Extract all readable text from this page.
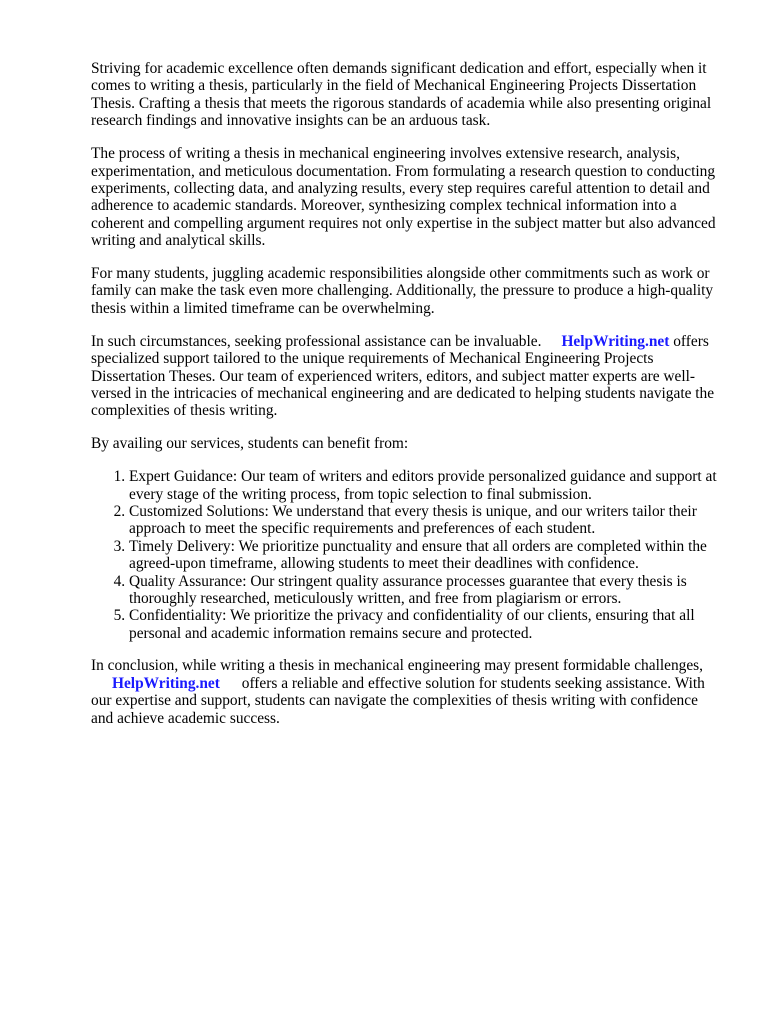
Striving for academic excellence often demands significant dedication and effort, especially when it comes to writing a thesis, particularly in the field of Mechanical Engineering Projects Dissertation Thesis. Crafting a thesis that meets the rigorous standards of academia while also presenting original research findings and innovative insights can be an arduous task.

The process of writing a thesis in mechanical engineering involves extensive research, analysis, experimentation, and meticulous documentation. From formulating a research question to conducting experiments, collecting data, and analyzing results, every step requires careful attention to detail and adherence to academic standards. Moreover, synthesizing complex technical information into a coherent and compelling argument requires not only expertise in the subject matter but also advanced writing and analytical skills.

For many students, juggling academic responsibilities alongside other commitments such as work or family can make the task even more challenging. Additionally, the pressure to produce a high-quality thesis within a limited timeframe can be overwhelming.

In such circumstances, seeking professional assistance can be invaluable. HelpWriting.net offers specialized support tailored to the unique requirements of Mechanical Engineering Projects Dissertation Theses. Our team of experienced writers, editors, and subject matter experts are well-versed in the intricacies of mechanical engineering and are dedicated to helping students navigate the complexities of thesis writing.

By availing our services, students can benefit from:

1. Expert Guidance: Our team of writers and editors provide personalized guidance and support at every stage of the writing process, from topic selection to final submission.
2. Customized Solutions: We understand that every thesis is unique, and our writers tailor their approach to meet the specific requirements and preferences of each student.
3. Timely Delivery: We prioritize punctuality and ensure that all orders are completed within the agreed-upon timeframe, allowing students to meet their deadlines with confidence.
4. Quality Assurance: Our stringent quality assurance processes guarantee that every thesis is thoroughly researched, meticulously written, and free from plagiarism or errors.
5. Confidentiality: We prioritize the privacy and confidentiality of our clients, ensuring that all personal and academic information remains secure and protected.

In conclusion, while writing a thesis in mechanical engineering may present formidable challenges,
HelpWriting.net offers a reliable and effective solution for students seeking assistance. With our expertise and support, students can navigate the complexities of thesis writing with confidence and achieve academic success.
